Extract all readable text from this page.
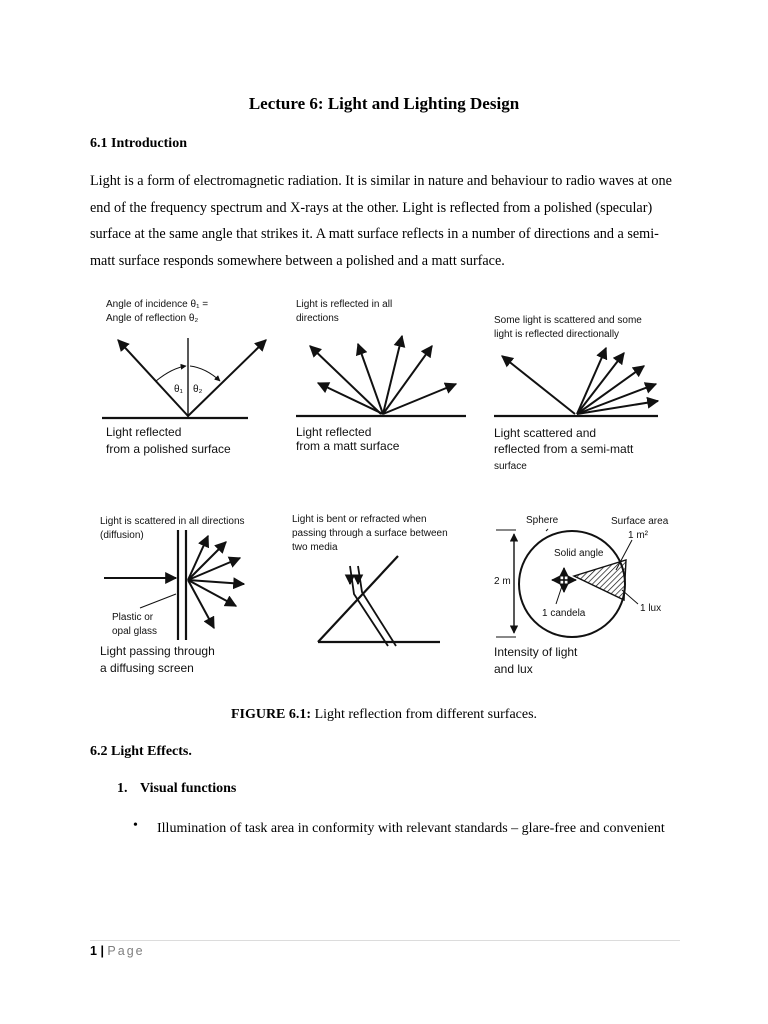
Lecture 6: Light and Lighting Design
6.1 Introduction
Light is a form of electromagnetic radiation. It is similar in nature and behaviour to radio waves at one end of the frequency spectrum and X-rays at the other. Light is reflected from a polished (specular) surface at the same angle that strikes it. A matt surface reflects in a number of directions and a semi-matt surface responds somewhere between a polished and a matt surface.
Angle of incidence θ₁ =
Angle of reflection θ₂
θ₁ θ₂
Light reflected
from a polished surface
Light is reflected in all
directions
Light reflected
from a matt surface
Some light is scattered and some
light is reflected directionally
Light scattered and
reflected from a semi-matt
surface
Light is scattered in all directions
(diffusion)
Plastic or
opal glass
Light passing through
a diffusing screen
Light is bent or refracted when
passing through a surface between
two media
Sphere	Surface area
1 m²
2 m
Solid angle
1 candela	1 lux
Intensity of light
and lux
FIGURE 6.1: Light reflection from different surfaces.
6.2 Light Effects.
1. Visual functions
• Illumination of task area in conformity with relevant standards – glare-free and convenient
1 | Page
